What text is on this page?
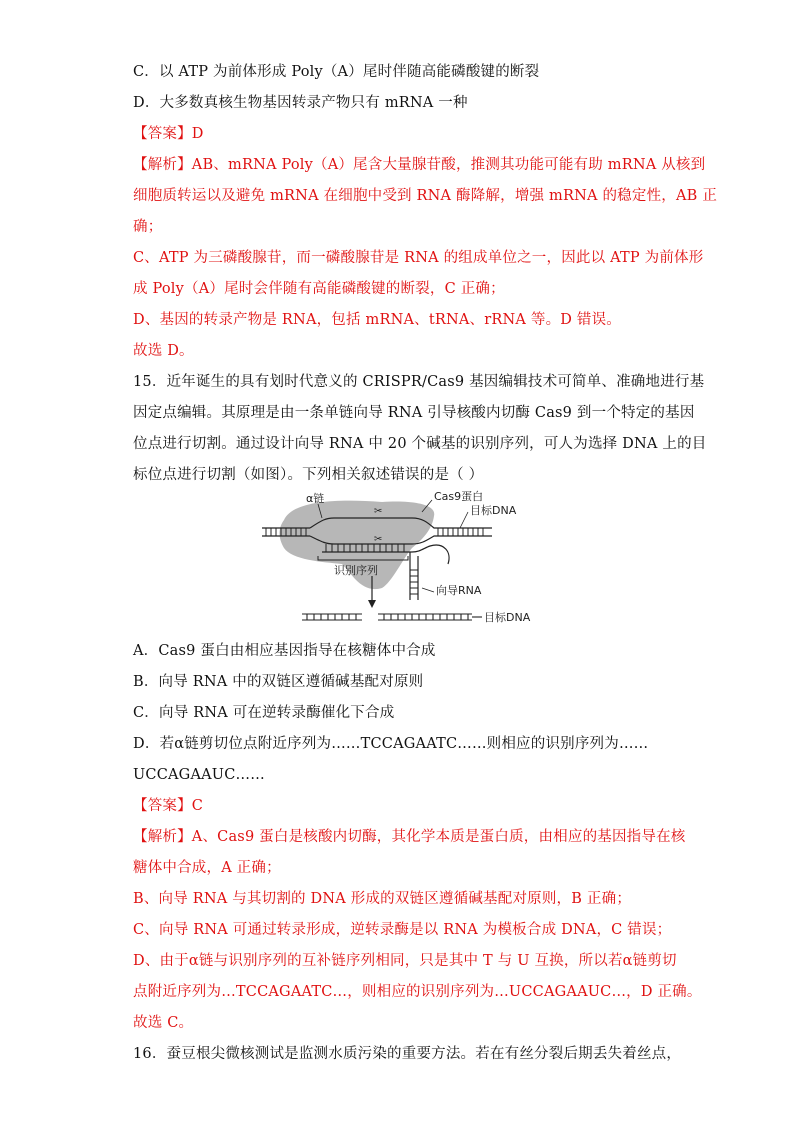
C．以 ATP 为前体形成 Poly（A）尾时伴随高能磷酸键的断裂
D．大多数真核生物基因转录产物只有 mRNA 一种
【答案】D
【解析】AB、mRNA Poly（A）尾含大量腺苷酸，推测其功能可能有助 mRNA 从核到
细胞质转运以及避免 mRNA 在细胞中受到 RNA 酶降解，增强 mRNA 的稳定性，AB 正
确；
C、ATP 为三磷酸腺苷，而一磷酸腺苷是 RNA 的组成单位之一，因此以 ATP 为前体形
成 Poly（A）尾时会伴随有高能磷酸键的断裂，C 正确；
D、基因的转录产物是 RNA，包括 mRNA、tRNA、rRNA 等。D 错误。
故选 D。
15．近年诞生的具有划时代意义的 CRISPR/Cas9 基因编辑技术可简单、准确地进行基
因定点编辑。其原理是由一条单链向导 RNA 引导核酸内切酶 Cas9 到一个特定的基因
位点进行切割。通过设计向导 RNA 中 20 个碱基的识别序列，可人为选择 DNA 上的目
标位点进行切割（如图）。下列相关叙述错误的是（ ）
✂
✂
α链	Cas9蛋白
目标DNA
识别序列
向导RNA
目标DNA
A．Cas9 蛋白由相应基因指导在核糖体中合成
B．向导 RNA 中的双链区遵循碱基配对原则
C．向导 RNA 可在逆转录酶催化下合成
D．若α链剪切位点附近序列为……TCCAGAATC……则相应的识别序列为……
UCCAGAAUC……
【答案】C
【解析】A、Cas9 蛋白是核酸内切酶，其化学本质是蛋白质，由相应的基因指导在核
糖体中合成，A 正确；
B、向导 RNA 与其切割的 DNA 形成的双链区遵循碱基配对原则，B 正确；
C、向导 RNA 可通过转录形成，逆转录酶是以 RNA 为模板合成 DNA，C 错误；
D、由于α链与识别序列的互补链序列相同，只是其中 T 与 U 互换，所以若α链剪切
点附近序列为…TCCAGAATC…，则相应的识别序列为…UCCAGAAUC…，D 正确。
故选 C。
16．蚕豆根尖微核测试是监测水质污染的重要方法。若在有丝分裂后期丢失着丝点，
